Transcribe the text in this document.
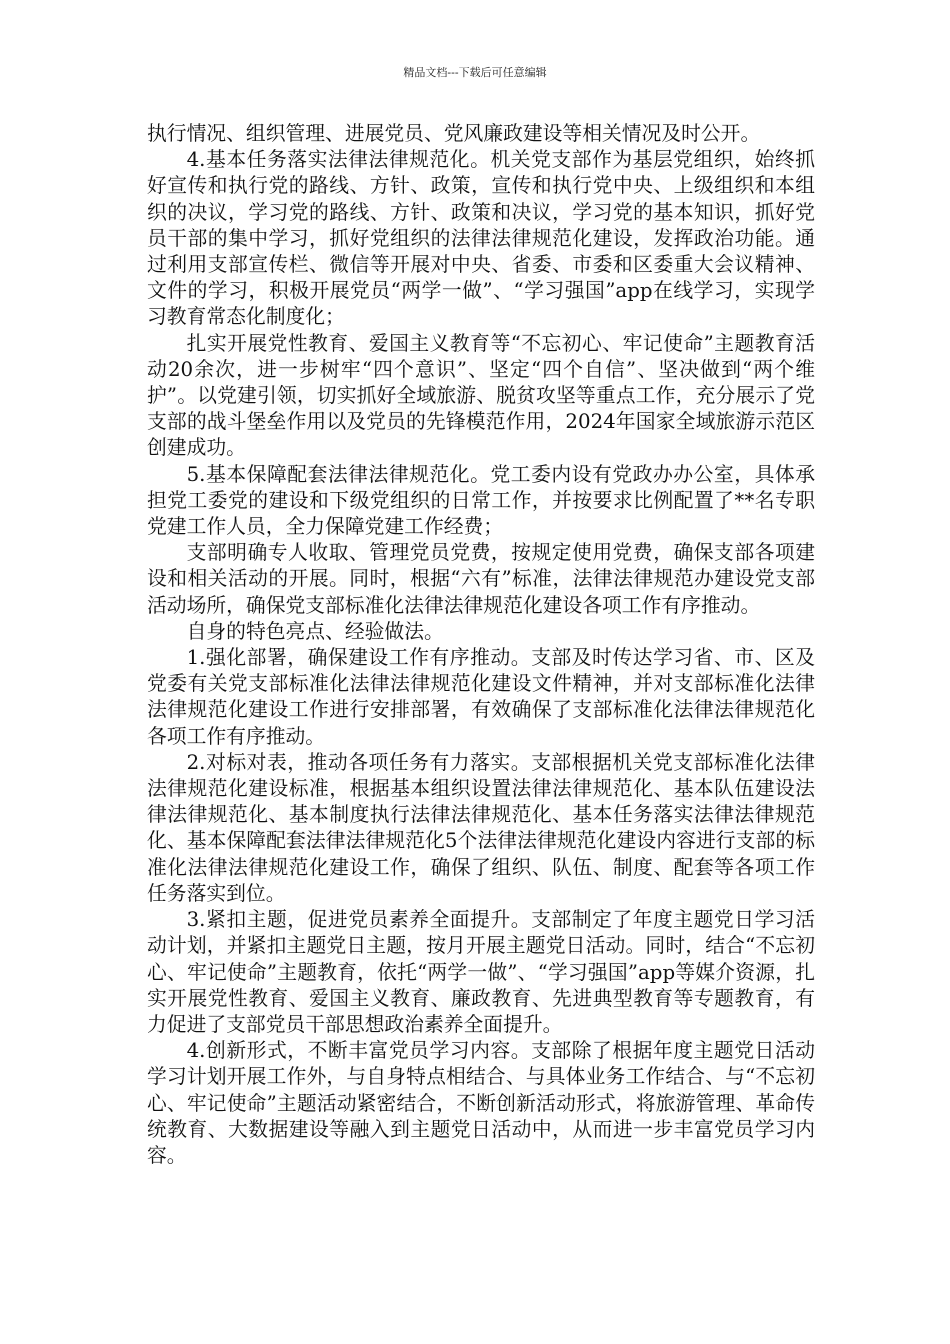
精品文档---下载后可任意编辑

执行情况、组织管理、进展党员、党风廉政建设等相关情况及时公开。

4.基本任务落实法律法律规范化。机关党支部作为基层党组织，始终抓好宣传和执行党的路线、方针、政策，宣传和执行党中央、上级组织和本组织的决议，学习党的路线、方针、政策和决议，学习党的基本知识，抓好党员干部的集中学习，抓好党组织的法律法律规范化建设，发挥政治功能。通过利用支部宣传栏、微信等开展对中央、省委、市委和区委重大会议精神、文件的学习，积极开展党员“两学一做”、“学习强国”app在线学习，实现学习教育常态化制度化；

扎实开展党性教育、爱国主义教育等“不忘初心、牢记使命”主题教育活动20余次，进一步树牢“四个意识”、坚定“四个自信”、坚决做到“两个维护”。以党建引领，切实抓好全域旅游、脱贫攻坚等重点工作，充分展示了党支部的战斗堡垒作用以及党员的先锋模范作用，2024年国家全域旅游示范区创建成功。

5.基本保障配套法律法律规范化。党工委内设有党政办办公室，具体承担党工委党的建设和下级党组织的日常工作，并按要求比例配置了**名专职党建工作人员，全力保障党建工作经费；

支部明确专人收取、管理党员党费，按规定使用党费，确保支部各项建设和相关活动的开展。同时，根据“六有”标准，法律法律规范办建设党支部活动场所，确保党支部标准化法律法律规范化建设各项工作有序推动。

自身的特色亮点、经验做法。

1.强化部署，确保建设工作有序推动。支部及时传达学习省、市、区及党委有关党支部标准化法律法律规范化建设文件精神，并对支部标准化法律法律规范化建设工作进行安排部署，有效确保了支部标准化法律法律规范化各项工作有序推动。

2.对标对表，推动各项任务有力落实。支部根据机关党支部标准化法律法律规范化建设标准，根据基本组织设置法律法律规范化、基本队伍建设法律法律规范化、基本制度执行法律法律规范化、基本任务落实法律法律规范化、基本保障配套法律法律规范化5个法律法律规范化建设内容进行支部的标准化法律法律规范化建设工作，确保了组织、队伍、制度、配套等各项工作任务落实到位。

3.紧扣主题，促进党员素养全面提升。支部制定了年度主题党日学习活动计划，并紧扣主题党日主题，按月开展主题党日活动。同时，结合“不忘初心、牢记使命”主题教育，依托“两学一做”、“学习强国”app等媒介资源，扎实开展党性教育、爱国主义教育、廉政教育、先进典型教育等专题教育，有力促进了支部党员干部思想政治素养全面提升。

4.创新形式，不断丰富党员学习内容。支部除了根据年度主题党日活动学习计划开展工作外，与自身特点相结合、与具体业务工作结合、与“不忘初心、牢记使命”主题活动紧密结合，不断创新活动形式，将旅游管理、革命传统教育、大数据建设等融入到主题党日活动中，从而进一步丰富党员学习内容。
